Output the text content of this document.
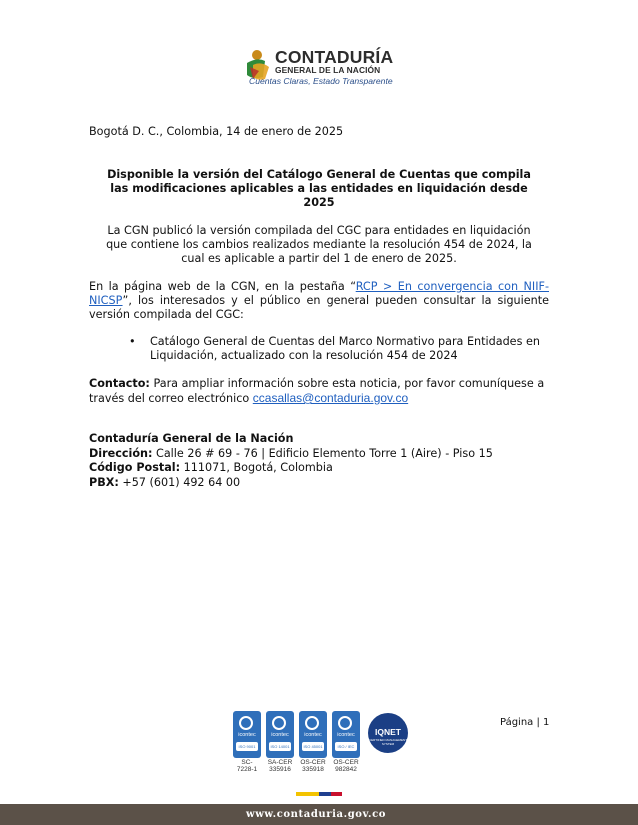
CONTADURÍA
GENERAL DE LA NACIÓN
Cuentas Claras, Estado Transparente
Bogotá D. C., Colombia, 14 de enero de 2025
Disponible la versión del Catálogo General de Cuentas que compila
las modificaciones aplicables a las entidades en liquidación desde
2025
La CGN publicó la versión compilada del CGC para entidades en liquidación
que contiene los cambios realizados mediante la resolución 454 de 2024, la
cual es aplicable a partir del 1 de enero de 2025.
En la página web de la CGN, en la pestaña “RCP > En convergencia con NIIF-NICSP”, los interesados y el público en general pueden consultar la siguiente versión compilada del CGC:
• Catálogo General de Cuentas del Marco Normativo para Entidades en Liquidación, actualizado con la resolución 454 de 2024
Contacto: Para ampliar información sobre esta noticia, por favor comuníquese a través del correo electrónico ccasallas@contaduria.gov.co
Contaduría General de la Nación
Dirección: Calle 26 # 69 - 76 | Edificio Elemento Torre 1 (Aire) - Piso 15
Código Postal: 111071, Bogotá, Colombia
PBX: +57 (601) 492 64 00
icontec
ISO 9001
SC-
7228-1
icontec
ISO 14001
SA-CER
335916
icontec
ISO 45001
OS-CER
335918
icontec
ISO / IEC 27001
OS-CER
982842
IQNET
CERTIFIED MANAGEMENT SYSTEM
Página | 1
www.contaduria.gov.co
